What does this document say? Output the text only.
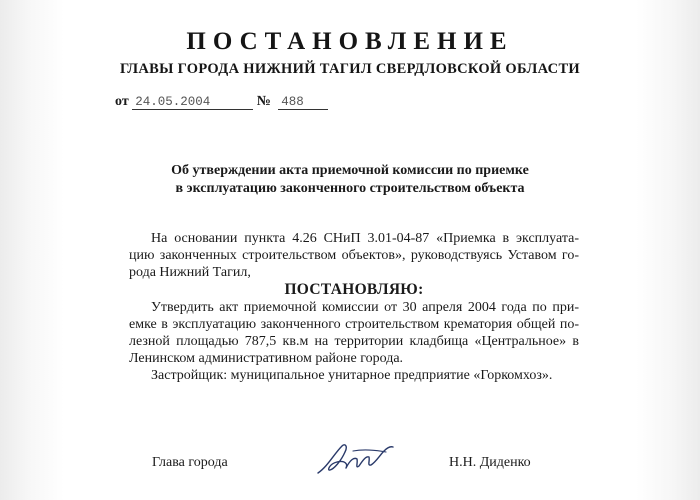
ПОСТАНОВЛЕНИЕ
ГЛАВЫ ГОРОДА НИЖНИЙ ТАГИЛ СВЕРДЛОВСКОЙ ОБЛАСТИ
от 24.05.2004	№ 488
Об утверждении акта приемочной комиссии по приемке
в эксплуатацию законченного строительством объекта
На основании пункта 4.26 СНиП 3.01-04-87 «Приемка в эксплуата-
цию законченных строительством объектов», руководствуясь Уставом го-
рода Нижний Тагил,
ПОСТАНОВЛЯЮ:
Утвердить акт приемочной комиссии от 30 апреля 2004 года по при-
емке в эксплуатацию законченного строительством крематория общей по-
лезной площадью 787,5 кв.м на территории кладбища «Центральное» в
Ленинском административном районе города.
Застройщик: муниципальное унитарное предприятие «Горкомхоз».
Глава города	Н.Н. Диденко
